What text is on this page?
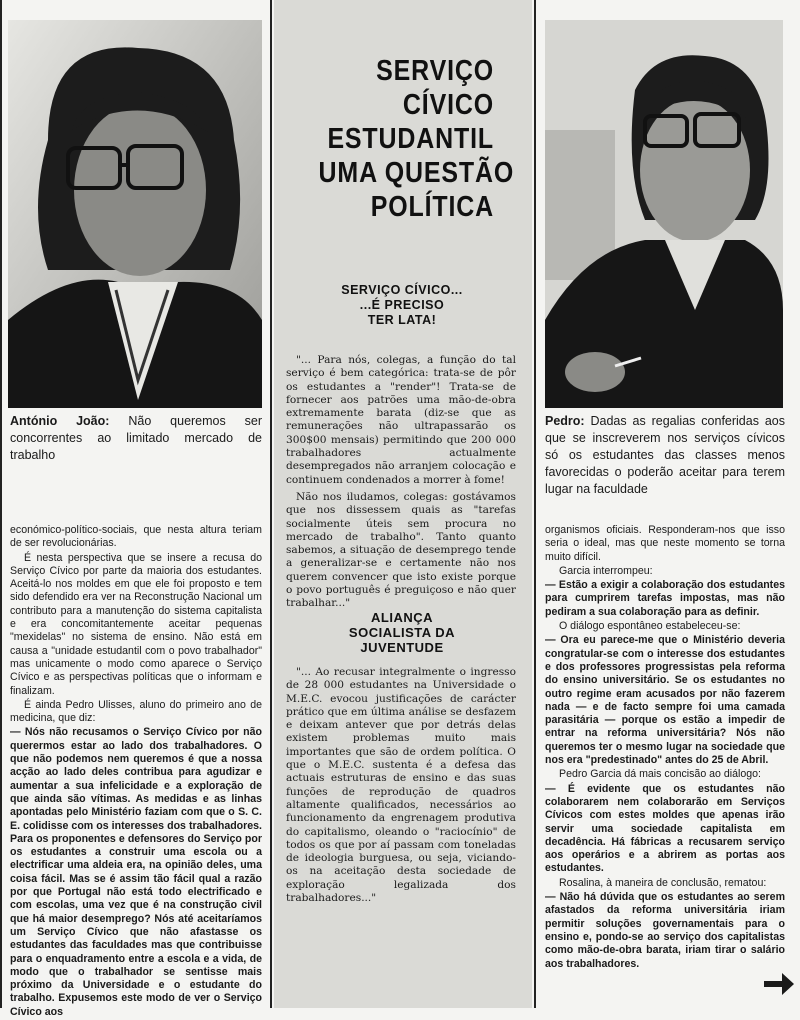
António João: Não queremos ser concorrentes ao limitado mercado de trabalho
Pedro: Dadas as regalias conferidas aos que se inscreverem nos serviços cívicos só os estudantes das classes menos favorecidas o poderão aceitar para terem lugar na faculdade
SERVIÇO
CÍVICO
ESTUDANTIL
UMA QUESTÃO
POLÍTICA
SERVIÇO CÍVICO...
...É PRECISO
TER LATA!

"... Para nós, colegas, a função do tal serviço é bem categórica: trata-se de pôr os estudantes a "render"! Trata-se de fornecer aos patrões uma mão-de-obra extremamente barata (diz-se que as remunerações não ultrapassarão os 300$00 mensais) permitindo que 200 000 trabalhadores actualmente desempregados não arranjem colocação e continuem condenados a morrer à fome!

Não nos iludamos, colegas: gostávamos que nos dissessem quais as "tarefas socialmente úteis sem procura no mercado de trabalho". Tanto quanto sabemos, a situação de desemprego tende a generalizar-se e certamente não nos querem convencer que isto existe porque o povo português é preguiçoso e não quer trabalhar..."

ALIANÇA
SOCIALISTA DA
JUVENTUDE

"... Ao recusar integralmente o ingresso de 28 000 estudantes na Universidade o M.E.C. evocou justificações de carácter prático que em última análise se desfazem e deixam antever que por detrás delas existem problemas muito mais importantes que são de ordem política. O que o M.E.C. sustenta é a defesa das actuais estruturas de ensino e das suas funções de reprodução de quadros altamente qualificados, necessários ao funcionamento da engrenagem produtiva do capitalismo, oleando o "raciocínio" de todos os que por aí passam com toneladas de ideologia burguesa, ou seja, viciando-os na aceitação desta sociedade de exploração legalizada dos trabalhadores..."

económico-político-sociais, que nesta altura teriam de ser revolucionárias.

É nesta perspectiva que se insere a recusa do Serviço Cívico por parte da maioria dos estudantes. Aceitá-lo nos moldes em que ele foi proposto e tem sido defendido era ver na Reconstrução Nacional um contributo para a manutenção do sistema capitalista e era concomitantemente aceitar pequenas "mexidelas" no sistema de ensino. Não está em causa a "unidade estudantil com o povo trabalhador" mas unicamente o modo como aparece o Serviço Cívico e as perspectivas políticas que o informam e finalizam.

É ainda Pedro Ulisses, aluno do primeiro ano de medicina, que diz:

— Nós não recusamos o Serviço Cívico por não querermos estar ao lado dos trabalhadores. O que não podemos nem queremos é que a nossa acção ao lado deles contribua para agudizar e aumentar a sua infelicidade e a exploração de que ainda são vítimas. As medidas e as linhas apontadas pelo Ministério faziam com que o S. C. E. colidisse com os interesses dos trabalhadores. Para os proponentes e defensores do Serviço por os estudantes a construir uma escola ou a electrificar uma aldeia era, na opinião deles, uma coisa fácil. Mas se é assim tão fácil qual a razão por que Portugal não está todo electrificado e com escolas, uma vez que é na construção civil que há maior desemprego? Nós até aceitaríamos um Serviço Cívico que não afastasse os estudantes das faculdades mas que contribuisse para o enquadramento entre a escola e a vida, de modo que o trabalhador se sentisse mais próximo da Universidade e o estudante do trabalho. Expusemos este modo de ver o Serviço Cívico aos

organismos oficiais. Responderam-nos que isso seria o ideal, mas que neste momento se torna muito difícil.

Garcia interrompeu:

— Estão a exigir a colaboração dos estudantes para cumprirem tarefas impostas, mas não pediram a sua colaboração para as definir.

O diálogo espontâneo estabeleceu-se:

— Ora eu parece-me que o Ministério deveria congratular-se com o interesse dos estudantes e dos professores progressistas pela reforma do ensino universitário. Se os estudantes no outro regime eram acusados por não fazerem nada — e de facto sempre foi uma camada parasitária — porque os estão a impedir de entrar na reforma universitária? Nós não queremos ter o mesmo lugar na sociedade que nos era "predestinado" antes do 25 de Abril.

Pedro Garcia dá mais concisão ao diálogo:

— É evidente que os estudantes não colaborarem nem colaborarão em Serviços Cívicos com estes moldes que apenas irão servir uma sociedade capitalista em decadência. Há fábricas a recusarem serviço aos operários e a abrirem as portas aos estudantes.

Rosalina, à maneira de conclusão, rematou:

— Não há dúvida que os estudantes ao serem afastados da reforma universitária iriam permitir soluções governamentais para o ensino e, pondo-se ao serviço dos capitalistas como mão-de-obra barata, iriam tirar o salário aos trabalhadores.
